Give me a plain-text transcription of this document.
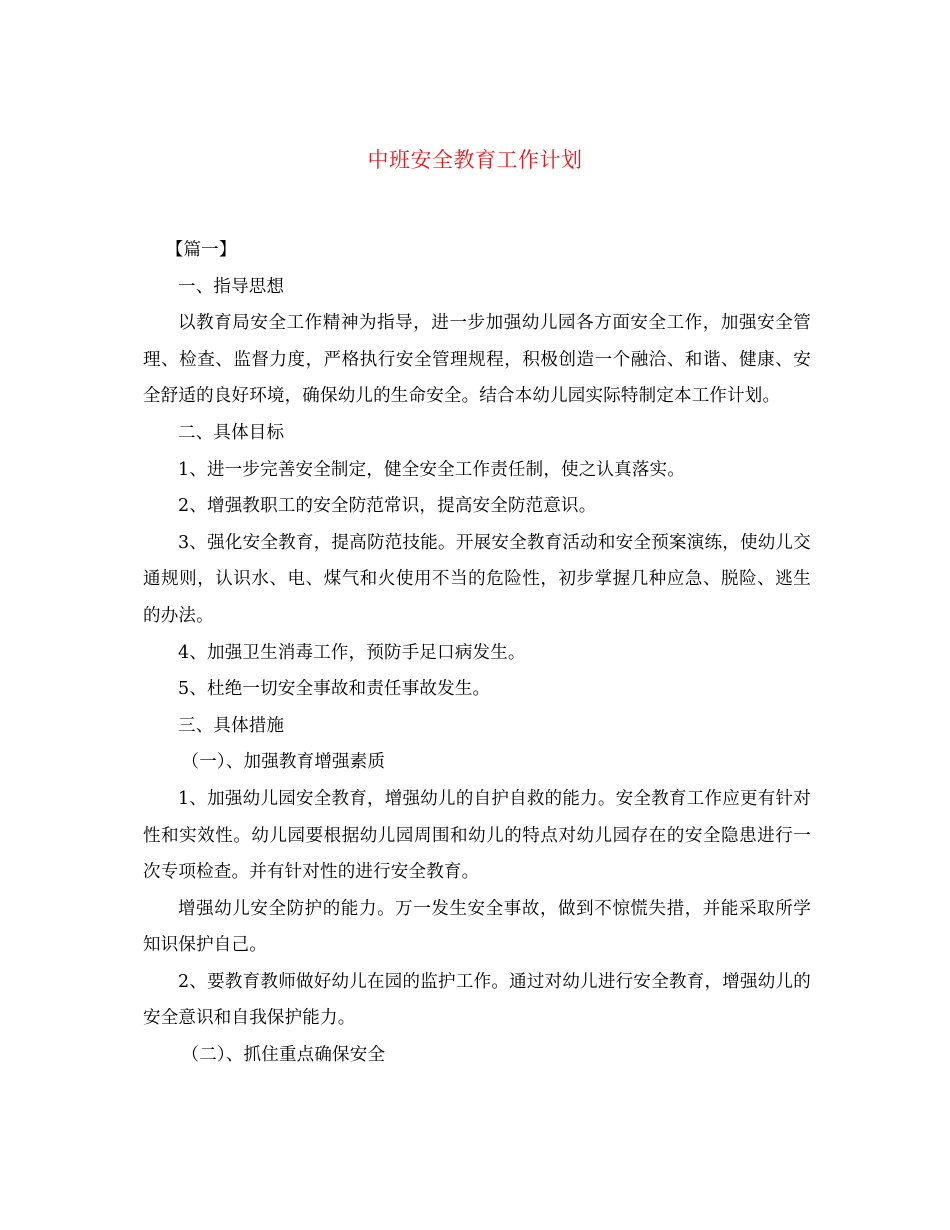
中班安全教育工作计划

【篇一】

一、指导思想

以教育局安全工作精神为指导，进一步加强幼儿园各方面安全工作，加强安全管理、检查、监督力度，严格执行安全管理规程，积极创造一个融洽、和谐、健康、安全舒适的良好环境，确保幼儿的生命安全。结合本幼儿园实际特制定本工作计划。

二、具体目标

1、进一步完善安全制定，健全安全工作责任制，使之认真落实。

2、增强教职工的安全防范常识，提高安全防范意识。

3、强化安全教育，提高防范技能。开展安全教育活动和安全预案演练，使幼儿交通规则，认识水、电、煤气和火使用不当的危险性，初步掌握几种应急、脱险、逃生的办法。

4、加强卫生消毒工作，预防手足口病发生。

5、杜绝一切安全事故和责任事故发生。

三、具体措施

（一）、加强教育增强素质

1、加强幼儿园安全教育，增强幼儿的自护自救的能力。安全教育工作应更有针对性和实效性。幼儿园要根据幼儿园周围和幼儿的特点对幼儿园存在的安全隐患进行一次专项检查。并有针对性的进行安全教育。

增强幼儿安全防护的能力。万一发生安全事故，做到不惊慌失措，并能采取所学知识保护自己。

2、要教育教师做好幼儿在园的监护工作。通过对幼儿进行安全教育，增强幼儿的安全意识和自我保护能力。

（二）、抓住重点确保安全
